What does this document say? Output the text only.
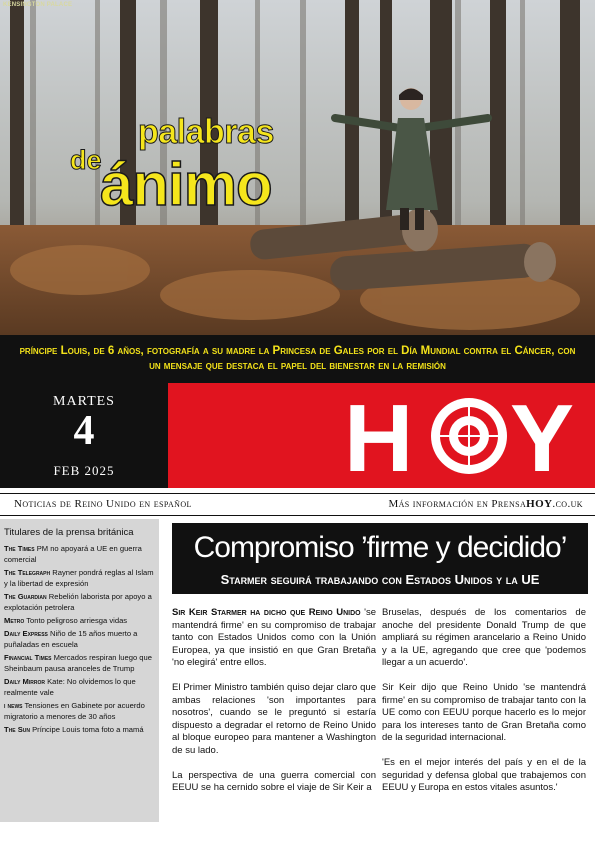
KENSINGTON PALACE
palabras
de
ánimo
príncipe Louis, de 6 años, fotografía a su madre la Princesa de Gales por el Día Mundial contra el Cáncer, con un mensaje que destaca el papel del bienestar en la remisión
MARTES
4
FEB 2025	H Y
Noticias de Reino Unido en español	Más información en PrensaHOY.co.uk
Titulares de la prensa británica
The Times PM no apoyará a UE en guerra comercial
The Telegraph Rayner pondrá reglas al Islam y la libertad de expresión
The Guardian Rebelión laborista por apoyo a explotación petrolera
Metro Tonto peligroso arriesga vidas
Daily Express Niño de 15 años muerto a puñaladas en escuela
Financial Times Mercados respiran luego que Sheinbaum pausa aranceles de Trump
Daily Mirror Kate: No olvidemos lo que realmente vale
i news Tensiones en Gabinete por acuerdo migratorio a menores de 30 años
The Sun Príncipe Louis toma foto a mamá
Compromiso ’firme y decidido’
Starmer seguirá trabajando con Estados Unidos y la UE

Sir Keir Starmer ha dicho que Reino Unido 'se mantendrá firme' en su compromiso de trabajar tanto con Estados Unidos como con la Unión Europea, ya que insistió en que Gran Bretaña 'no elegirá' entre ellos.

El Primer Ministro también quiso dejar claro que ambas relaciones 'son importantes para nosotros', cuando se le preguntó si estaría dispuesto a degradar el retorno de Reino Unido al bloque europeo para mantener a Washington de su lado.

La perspectiva de una guerra comercial con EEUU se ha cernido sobre el viaje de Sir Keir a

Bruselas, después de los comentarios de anoche del presidente Donald Trump de que ampliará su régimen arancelario a Reino Unido y a la UE, agregando que cree que 'podemos llegar a un acuerdo'.

Sir Keir dijo que Reino Unido 'se mantendrá firme' en su compromiso de trabajar tanto con la UE como con EEUU porque hacerlo es lo mejor para los intereses tanto de Gran Bretaña como de la seguridad internacional.

'Es en el mejor interés del país y en el de la seguridad y defensa global que trabajemos con EEUU y Europa en estos vitales asuntos.'
